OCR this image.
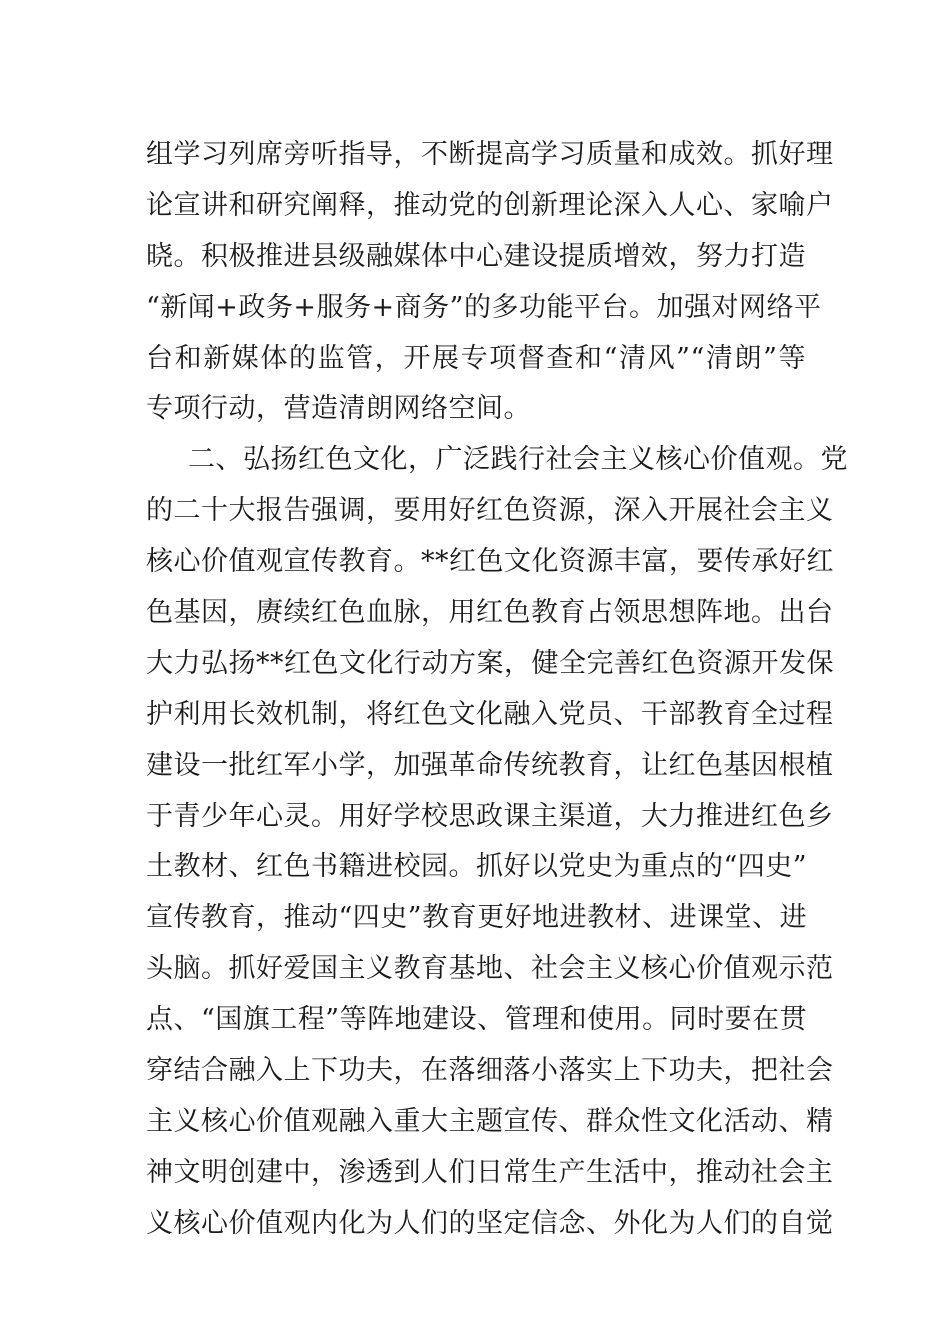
组学习列席旁听指导，不断提高学习质量和成效。抓好理
论宣讲和研究阐释，推动党的创新理论深入人心、家喻户
晓。积极推进县级融媒体中心建设提质增效，努力打造
“新闻+政务+服务+商务”的多功能平台。加强对网络平
台和新媒体的监管，开展专项督查和“清风”“清朗”等
专项行动，营造清朗网络空间。
二、弘扬红色文化，广泛践行社会主义核心价值观。党
的二十大报告强调，要用好红色资源，深入开展社会主义
核心价值观宣传教育。**红色文化资源丰富，要传承好红
色基因，赓续红色血脉，用红色教育占领思想阵地。出台
大力弘扬**红色文化行动方案，健全完善红色资源开发保
护利用长效机制，将红色文化融入党员、干部教育全过程
建设一批红军小学，加强革命传统教育，让红色基因根植
于青少年心灵。用好学校思政课主渠道，大力推进红色乡
土教材、红色书籍进校园。抓好以党史为重点的“四史”
宣传教育，推动“四史”教育更好地进教材、进课堂、进
头脑。抓好爱国主义教育基地、社会主义核心价值观示范
点、“国旗工程”等阵地建设、管理和使用。同时要在贯
穿结合融入上下功夫，在落细落小落实上下功夫，把社会
主义核心价值观融入重大主题宣传、群众性文化活动、精
神文明创建中，渗透到人们日常生产生活中，推动社会主
义核心价值观内化为人们的坚定信念、外化为人们的自觉
